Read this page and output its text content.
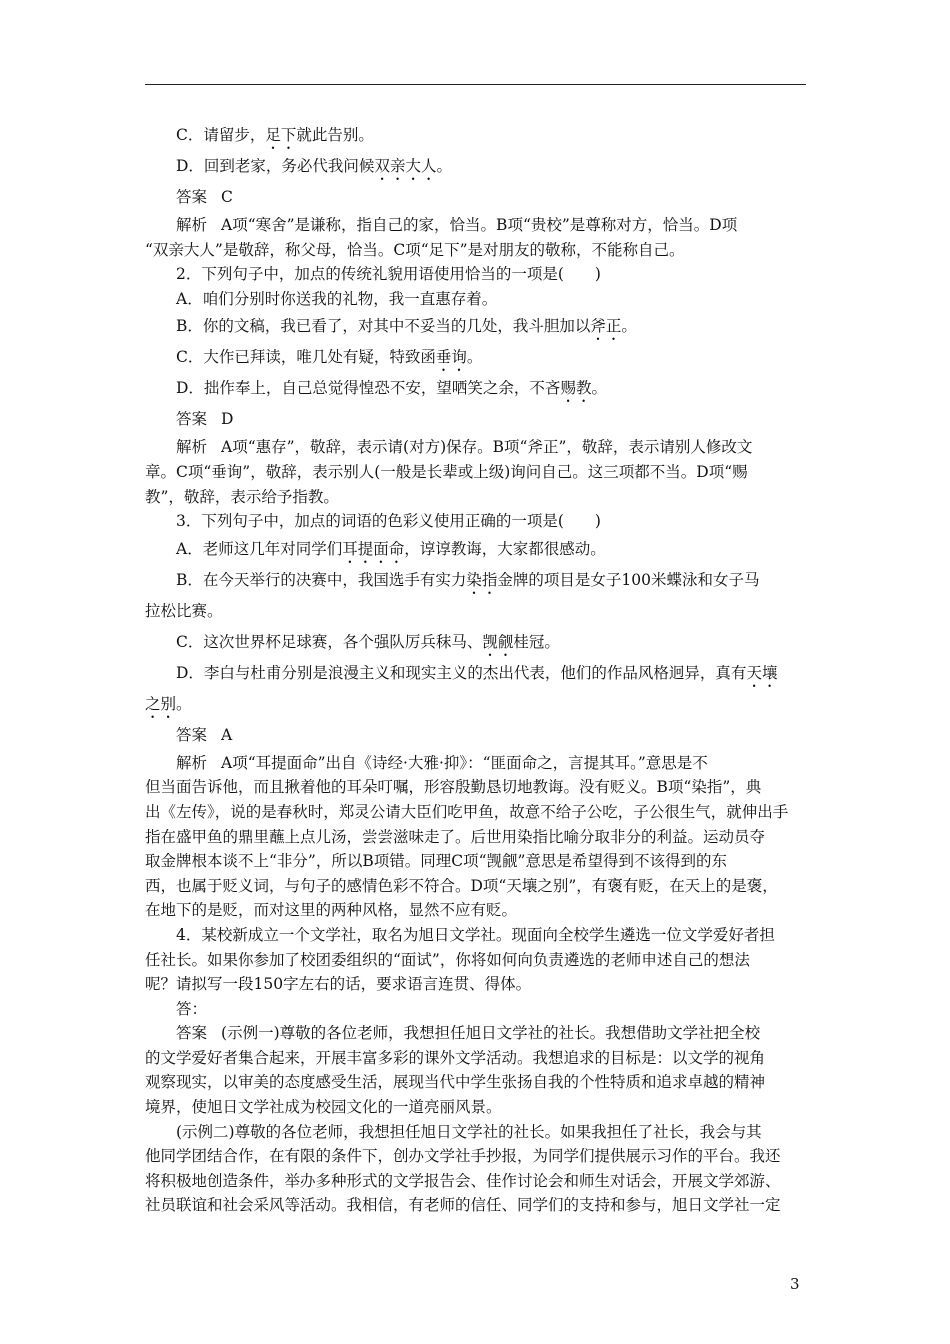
C．请留步，足下就此告别。
D．回到老家，务必代我问候双亲大人。
答案 C
解析 A项“寒舍”是谦称，指自己的家，恰当。B项“贵校”是尊称对方，恰当。D项
“双亲大人”是敬辞，称父母，恰当。C项“足下”是对朋友的敬称，不能称自己。
2．下列句子中，加点的传统礼貌用语使用恰当的一项是(　　)
A．咱们分别时你送我的礼物，我一直惠存着。
B．你的文稿，我已看了，对其中不妥当的几处，我斗胆加以斧正。
C．大作已拜读，唯几处有疑，特致函垂询。
D．拙作奉上，自己总觉得惶恐不安，望哂笑之余，不吝赐教。
答案 D
解析 A项“惠存”，敬辞，表示请(对方)保存。B项“斧正”，敬辞，表示请别人修改文
章。C项“垂询”，敬辞，表示别人(一般是长辈或上级)询问自己。这三项都不当。D项“赐
教”，敬辞，表示给予指教。
3．下列句子中，加点的词语的色彩义使用正确的一项是(　　)
A．老师这几年对同学们耳提面命，谆谆教诲，大家都很感动。
B．在今天举行的决赛中，我国选手有实力染指金牌的项目是女子100米蝶泳和女子马
拉松比赛。
C．这次世界杯足球赛，各个强队厉兵秣马、觊觎桂冠。
D．李白与杜甫分别是浪漫主义和现实主义的杰出代表，他们的作品风格迥异，真有天壤
之别。
答案 A
解析 A项“耳提面命”出自《诗经·大雅·抑》：“匪面命之，言提其耳。”意思是不
但当面告诉他，而且揪着他的耳朵叮嘱，形容殷勤恳切地教诲。没有贬义。B项“染指”，典
出《左传》，说的是春秋时，郑灵公请大臣们吃甲鱼，故意不给子公吃，子公很生气，就伸出手
指在盛甲鱼的鼎里蘸上点儿汤，尝尝滋味走了。后世用染指比喻分取非分的利益。运动员夺
取金牌根本谈不上“非分”，所以B项错。同理C项“觊觎”意思是希望得到不该得到的东
西，也属于贬义词，与句子的感情色彩不符合。D项“天壤之别”，有褒有贬，在天上的是褒，
在地下的是贬，而对这里的两种风格，显然不应有贬。
4．某校新成立一个文学社，取名为旭日文学社。现面向全校学生遴选一位文学爱好者担
任社长。如果你参加了校团委组织的“面试”，你将如何向负责遴选的老师申述自己的想法
呢？请拟写一段150字左右的话，要求语言连贯、得体。
答：
答案 (示例一)尊敬的各位老师，我想担任旭日文学社的社长。我想借助文学社把全校
的文学爱好者集合起来，开展丰富多彩的课外文学活动。我想追求的目标是：以文学的视角
观察现实，以审美的态度感受生活，展现当代中学生张扬自我的个性特质和追求卓越的精神
境界，使旭日文学社成为校园文化的一道亮丽风景。
(示例二)尊敬的各位老师，我想担任旭日文学社的社长。如果我担任了社长，我会与其
他同学团结合作，在有限的条件下，创办文学社手抄报，为同学们提供展示习作的平台。我还
将积极地创造条件，举办多种形式的文学报告会、佳作讨论会和师生对话会，开展文学郊游、
社员联谊和社会采风等活动。我相信，有老师的信任、同学们的支持和参与，旭日文学社一定
3
